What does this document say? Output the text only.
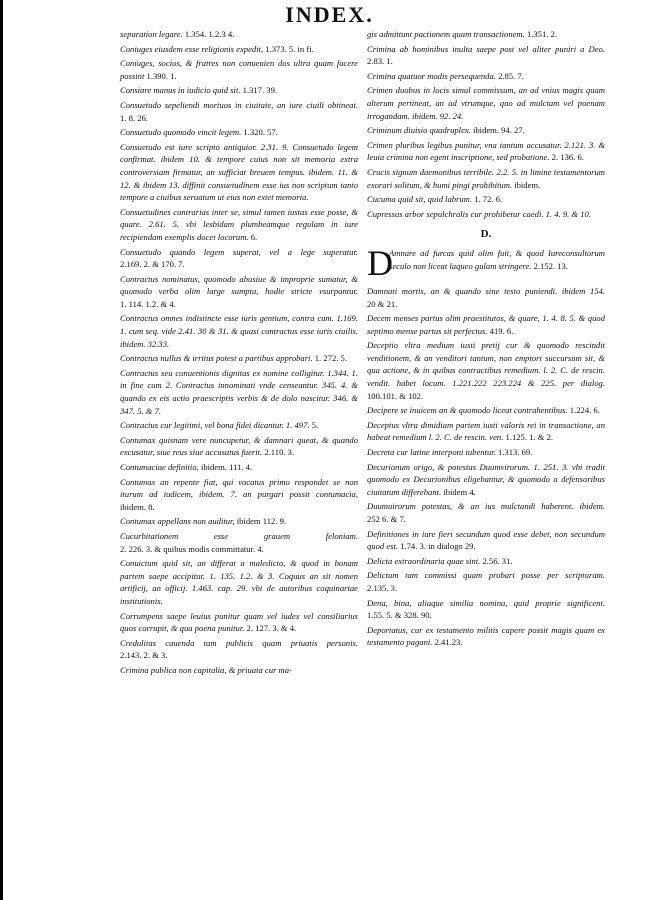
INDEX.
separation legare. 1.354. 1.2.3 4.
Coniuges eiusdem esse religionis expedit, 1.373. 5. in fi.
Coniuges, socios, & fratres non conuenien dos ultra quam facere possint 1.390. 1.
Consiare manus in iudicio quid sit. 1.317. 39.
Consuetudo sepeliendi mortuos in ciuitate, an iure ciuili obtineat. 1. 8. 26.
Consuetudo quomodo vincit legem. 1.320. 57.
Consuetudo est iure scripto antiquior. 2.31. 9. Consuetudo legem confirmat. ibidem 10. & tempore cuius non sit memoria extra controversiam firmatur, an sufficiat breuem tempus. ibidem. 11. & 12. & ibidem 13. diffinit consuetudinem esse ius non scriptum tanto tempore a ciuibus seruatum ut eius non extet memoria.
Consuetudines contrarias inter se, simul tamen iustas esse posse, & quare. 2.61. 5. vbi lesbidam plumbeamque regulam in iure recipiendam exemplis docet locorum. 6.
Consuetudo quando legem superat, vel a lege superatur. 2.169. 2. & 170. 7.
Contractus nominatus, quomodo abusiue & improprie sumatur, & quomodo verba olim large sumpta, hodie stricte vsurpantur. 1. 114. 1.2. & 4.
Contractus omnes indistincte esse iuris gentium, contra cum. 1.169. 1. cum seq. vide 2.41. 30 & 31. & quasi contractus esse iuris ciuilis. ibidem. 32.33.
Contractus nullus & irritus potest a partibus approbari. 1. 272. 5.
Contractus seu conuentionis dignitas ex nomine colligitur. 1.344. 1. in fine cum 2. Contractus innominati vnde censeantur. 345. 4. & quando ex eis actio praescriptis verbis & de dolo nascitur. 346. & 347. 5. & 7.
Contractus cur legitimi, vel bona fidei dicantur. 1. 497. 5.
Contumax quisnam vere nuncupetur, & damnari queat, & quando excusatur, siue reus siue accusatus fuerit. 2.110. 3.
Contumaciae definitio, ibidem. 111. 4.
Contumax an repente fiat, qui vocatus primo respondet se non iturum ad iudicem, ibidem. 7. an purgari possit contumacia, ibidem. 8.
Contumax appellans non auditur, ibidem 112. 9.
Cucurbitationem esse grauem feloniam. 2. 226. 3. & quibus modis committatur. 4.
Conuictum quid sit, an differat a maledicto, & quod in bonam partem saepe accipitur. 1. 135. 1.2. & 3. Coquus an sit nomen artificij, an officij. 1.463. cap. 29. vbi de autoribus coquinariae institutionis.
Corrumpens saepe leuius punitur quam vel iudex vel consiliarius quos corrupit, & qua poena punitur. 2. 127. 3. & 4.
Credulitas cauenda tam publicis quam priuatis personis. 2.143. 2. & 3.
Crimina publica non capitalia, & priuata cur ma-
gis admittunt pactionem quam transactionem. 1.351. 2.
Crimina ab hominibus inulta saepe post vel aliter puniri a Deo. 2.83. 1.
Crimina quatuor modis persequenda. 2.85. 7.
Crimen duobus in locis simul commissum, an ad vnius magis quam alterum pertineat, an ad vtrumque, quo ad mulctam vel poenam irrogandam. ibidem. 92. 24.
Criminum diuisio quadruplex. ibidem. 94. 27.
Crimen pluribus legibus punitur, vna tantum accusatur. 2.121. 3. & leuia crimina non egent inscriptione, sed probatione. 2. 136. 6.
Crucis signum daemonibus terribile. 2.2. 5. in limine testamentorum exorari solitum, & humi pingi prohibitum. ibidem.
Cucuma quid sit, quid labrum. 1. 72. 6.
Cupressus arbor sepulchralis cur prohibetur caedi. 1. 4. 9. & 10.
D.
D
Amnare ad furcas quid olim fuit, & quod Iureconsultorum seculo non liceat laqueo gulam stringere. 2.152. 13.
Damnati mortis, an & quando sine testo puniendi. ibidem 154. 20 & 21.
Decem menses partus olim praestitutos, & quare, 1. 4. 8. 5. & quod septimo mense partus sit perfectus. 419. 6.
Deceptio vltra medium iusti pretij cur & quomodo rescindit venditionem, & an venditori tantum, non emptori succursum sit, & qua actione, & in quibus contractibus remedium. l. 2. C. de rescin. vendit. habet locum. 1.221.222 223.224 & 225. per dialog. 100.101. & 102.
Decipere se inuicem an & quomodo liceat contrahentibus. 1.224. 6.
Deceptus vltra dimidiam partem iusti valoris rei in transactione, an habeat remedium l. 2. C. de rescin. ven. 1.125. 1. & 2.
Decreta cur latine interponi iubentur. 1.313. 69.
Decurionum origo, & potestas Duumvirorum. 1. 251. 3. vbi tradit quomodo ex Decurionibus eligebantur, & quomodo a defensoribus ciuitatum differebant. ibidem 4.
Duumuirorum potestas, & an ius mulctandi haberent. ibidem. 252 6. & 7.
Definitiones in iure fieri secundum quod esse debet, non secundum quod est. 1.74. 3. in dialogo 29.
Delicta extraordinaria quae sint. 2.56. 31.
Delictum tam commissi quam probari posse per scripturam. 2.135. 3.
Dena, bina, aliaque similia nomina, quid proprie significent. 1.55. 5. & 328. 90.
Deportatus, cur ex testamento militis capere possit magis quam ex testamento pagani. 2.41.23.
